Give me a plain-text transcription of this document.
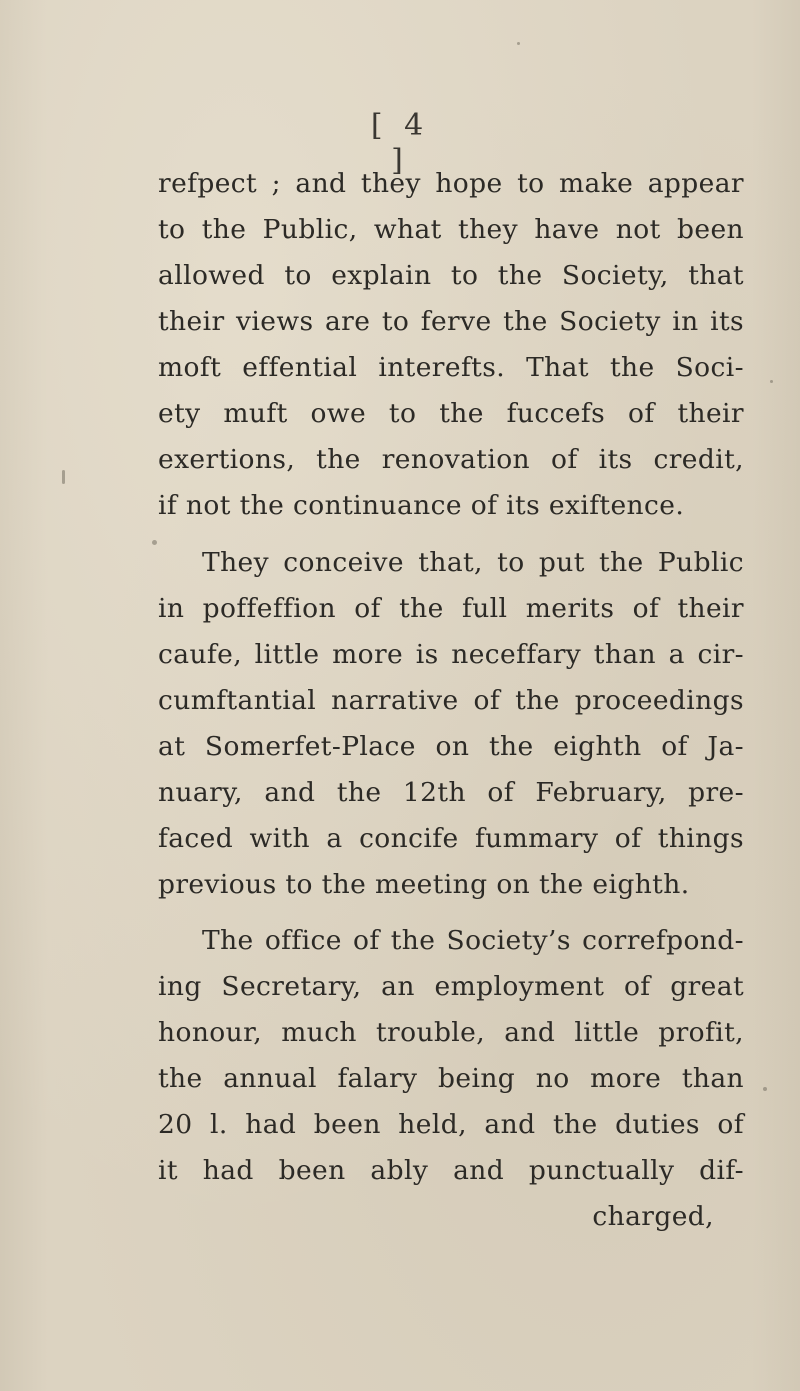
[ 4 ]
refpect ; and they hope to make appear
to the Public, what they have not been
allowed to explain to the Society, that
their views are to ferve the Society in its
moft effential interefts. That the Soci-
ety muft owe to the fuccefs of their
exertions, the renovation of its credit,
if not the continuance of its exiftence.
They conceive that, to put the Public
in poffeffion of the full merits of their
caufe, little more is neceffary than a cir-
cumftantial narrative of the proceedings
at Somerfet-Place on the eighth of Ja-
nuary, and the 12th of February, pre-
faced with a concife fummary of things
previous to the meeting on the eighth.
The office of the Society’s correfpond-
ing Secretary, an employment of great
honour, much trouble, and little profit,
the annual falary being no more than
20 l. had been held, and the duties of
it had been ably and punctually dif-
charged,
